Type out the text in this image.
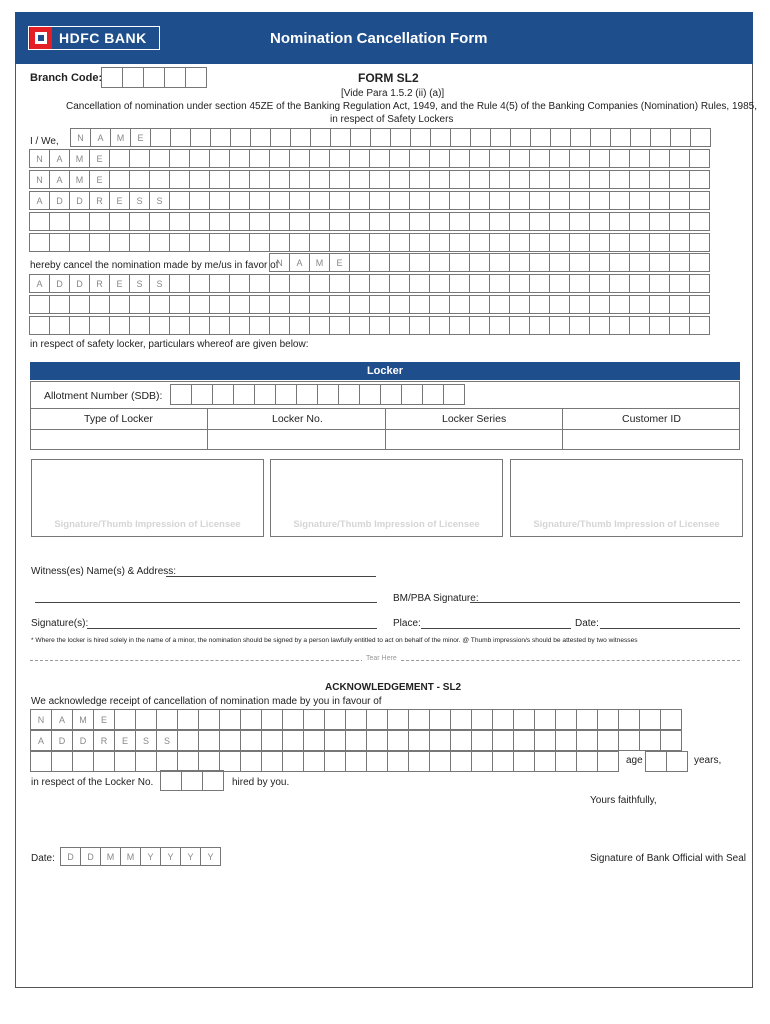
HDFC BANK	Nomination Cancellation Form
Branch Code:	FORM SL2
[Vide Para 1.5.2 (ii) (a)]
Cancellation of nomination under section 45ZE of the Banking Regulation Act, 1949, and the Rule 4(5) of the Banking Companies (Nomination) Rules, 1985,
in respect of Safety Lockers
I / We,	N	A	M	E
N	A	M	E
N	A	M	E
A	D	D	R	E	S	S
hereby cancel the nomination made by me/us in favor of
N	A	M	E
A	D	D	R	E	S	S
in respect of safety locker, particulars whereof are given below:
Locker
Allotment Number (SDB):
Type of Locker	Locker No.	Locker Series	Customer ID
Signature/Thumb Impression of Licensee	Signature/Thumb Impression of Licensee	Signature/Thumb Impression of Licensee
Witness(es) Name(s) & Address:
BM/PBA Signature:
Signature(s):	Place:	Date:
* Where the locker is hired solely in the name of a minor, the nomination should be signed by a person lawfully entitled to act on behalf of the minor. @ Thumb impression/s should be attested by two witnesses
Tear Here
ACKNOWLEDGEMENT - SL2
We acknowledge receipt of cancellation of nomination made by you in favour of
N	A	M	E
A	D	D	R	E	S	S
age	years,
in respect of the Locker No.	hired by you.
Yours faithfully,
Date:	D	D	M	M	Y	Y	Y	Y	Signature of Bank Official with Seal
